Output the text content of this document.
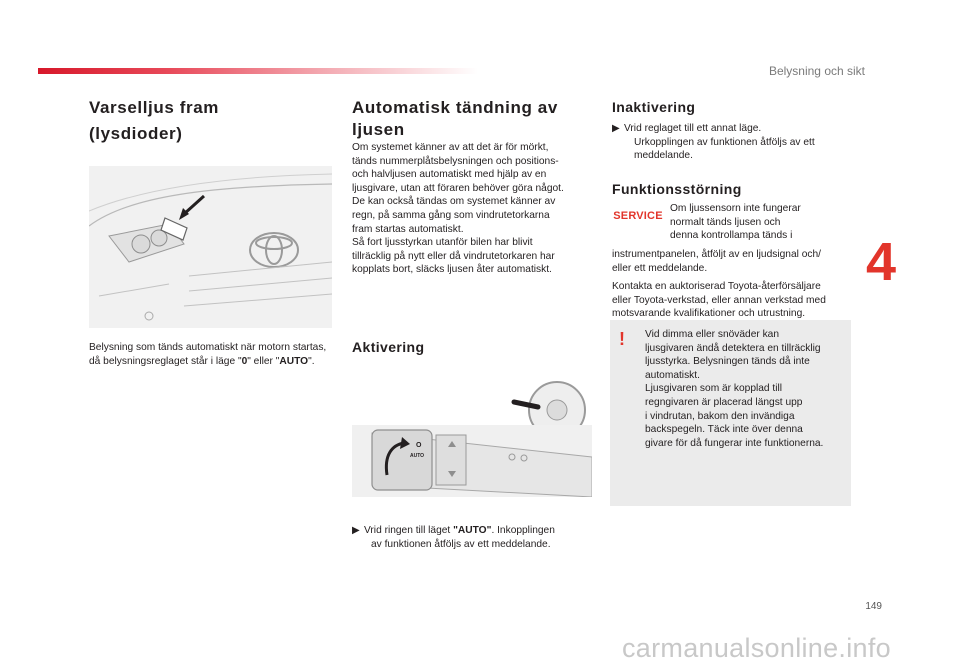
Belysning och sikt
Varselljus fram
(lysdioder)
Belysning som tänds automatiskt när motorn startas, då belysningsreglaget står i läge "0" eller "AUTO".
Automatisk tändning av
ljusen
Om systemet känner av att det är för mörkt,
tänds nummerplåtsbelysningen och positions-
och halvljusen automatiskt med hjälp av en
ljusgivare, utan att föraren behöver göra något.
De kan också tändas om systemet känner av
regn, på samma gång som vindrutetorkarna
fram startas automatiskt.
Så fort ljusstyrkan utanför bilen har blivit
tillräcklig på nytt eller då vindrutetorkaren har
kopplats bort, släcks ljusen åter automatiskt.
Aktivering
O
AUTO
▶ Vrid ringen till läget "AUTO". Inkopplingen
av funktionen åtföljs av ett meddelande.
Inaktivering
▶ Vrid reglaget till ett annat läge.
Urkopplingen av funktionen åtföljs av ett
meddelande.
Funktionsstörning
SERVICE
Om ljussensorn inte fungerar
normalt tänds ljusen och
denna kontrollampa tänds i
instrumentpanelen, åtföljt av en ljudsignal och/
eller ett meddelande.
Kontakta en auktoriserad Toyota-återförsäljare
eller Toyota-verkstad, eller annan verkstad med
motsvarande kvalifikationer och utrustning.
! Vid dimma eller snöväder kan
ljusgivaren ändå detektera en tillräcklig
ljusstyrka. Belysningen tänds då inte
automatiskt.
Ljusgivaren som är kopplad till
regngivaren är placerad längst upp
i vindrutan, bakom den invändiga
backspegeln. Täck inte över denna
givare för då fungerar inte funktionerna.
4
149
carmanualsonline.info
